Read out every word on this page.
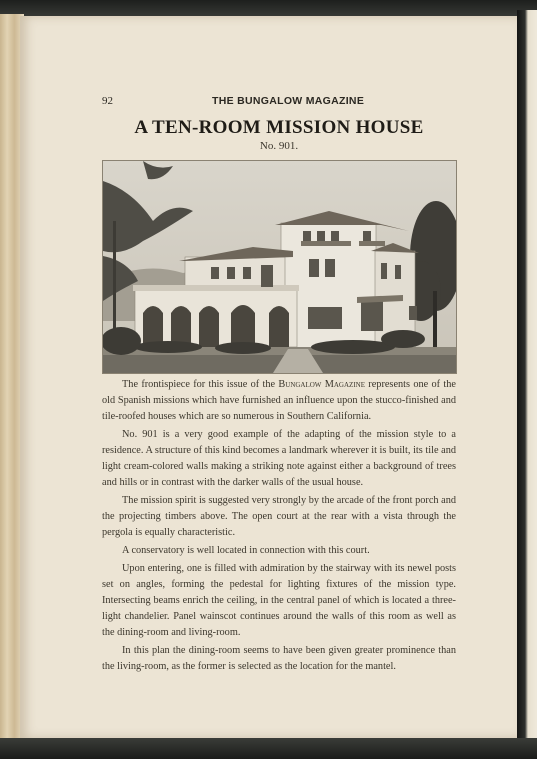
92	THE BUNGALOW MAGAZINE
A TEN-ROOM MISSION HOUSE
No. 901.

The frontispiece for this issue of the Bungalow Magazine represents one of the old Spanish missions which have furnished an influence upon the stucco-finished and tile-roofed houses which are so numerous in Southern California.

No. 901 is a very good example of the adapting of the mission style to a residence. A structure of this kind becomes a landmark wherever it is built, its tile and light cream-colored walls making a striking note against either a background of trees and hills or in contrast with the darker walls of the usual house.

The mission spirit is suggested very strongly by the arcade of the front porch and the projecting timbers above. The open court at the rear with a vista through the pergola is equally characteristic.

A conservatory is well located in connection with this court.

Upon entering, one is filled with admiration by the stairway with its newel posts set on angles, forming the pedestal for lighting fixtures of the mission type. Intersecting beams enrich the ceiling, in the central panel of which is located a three-light chandelier. Panel wainscot continues around the walls of this room as well as the dining-room and living-room.

In this plan the dining-room seems to have been given greater prominence than the living-room, as the former is selected as the location for the mantel.
